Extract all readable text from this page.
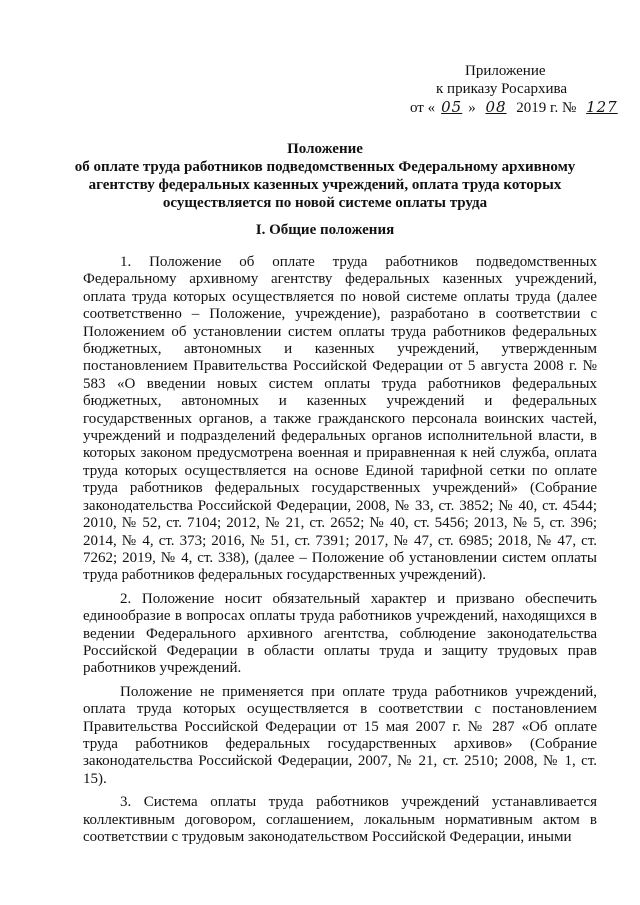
Приложение
к приказу Росархива
от « 05 » 08 2019 г. № 127
Положение
об оплате труда работников подведомственных Федеральному архивному
агентству федеральных казенных учреждений, оплата труда которых
осуществляется по новой системе оплаты труда
I. Общие положения

1. Положение об оплате труда работников подведомственных Федеральному архивному агентству федеральных казенных учреждений, оплата труда которых осуществляется по новой системе оплаты труда (далее соответственно – Положение, учреждение), разработано в соответствии с Положением об установлении систем оплаты труда работников федеральных бюджетных, автономных и казенных учреждений, утвержденным постановлением Правительства Российской Федерации от 5 августа 2008 г. № 583 «О введении новых систем оплаты труда работников федеральных бюджетных, автономных и казенных учреждений и федеральных государственных органов, а также гражданского персонала воинских частей, учреждений и подразделений федеральных органов исполнительной власти, в которых законом предусмотрена военная и приравненная к ней служба, оплата труда которых осуществляется на основе Единой тарифной сетки по оплате труда работников федеральных государственных учреждений» (Собрание законодательства Российской Федерации, 2008, № 33, ст. 3852; № 40, ст. 4544; 2010, № 52, ст. 7104; 2012, № 21, ст. 2652; № 40, ст. 5456; 2013, № 5, ст. 396; 2014, № 4, ст. 373; 2016, № 51, ст. 7391; 2017, № 47, ст. 6985; 2018, № 47, ст. 7262; 2019, № 4, ст. 338), (далее – Положение об установлении систем оплаты труда работников федеральных государственных учреждений).

2. Положение носит обязательный характер и призвано обеспечить единообразие в вопросах оплаты труда работников учреждений, находящихся в ведении Федерального архивного агентства, соблюдение законодательства Российской Федерации в области оплаты труда и защиту трудовых прав работников учреждений.

Положение не применяется при оплате труда работников учреждений, оплата труда которых осуществляется в соответствии с постановлением Правительства Российской Федерации от 15 мая 2007 г. № 287 «Об оплате труда работников федеральных государственных архивов» (Собрание законодательства Российской Федерации, 2007, № 21, ст. 2510; 2008, № 1, ст. 15).

3. Система оплаты труда работников учреждений устанавливается коллективным договором, соглашением, локальным нормативным актом в соответствии с трудовым законодательством Российской Федерации, иными
